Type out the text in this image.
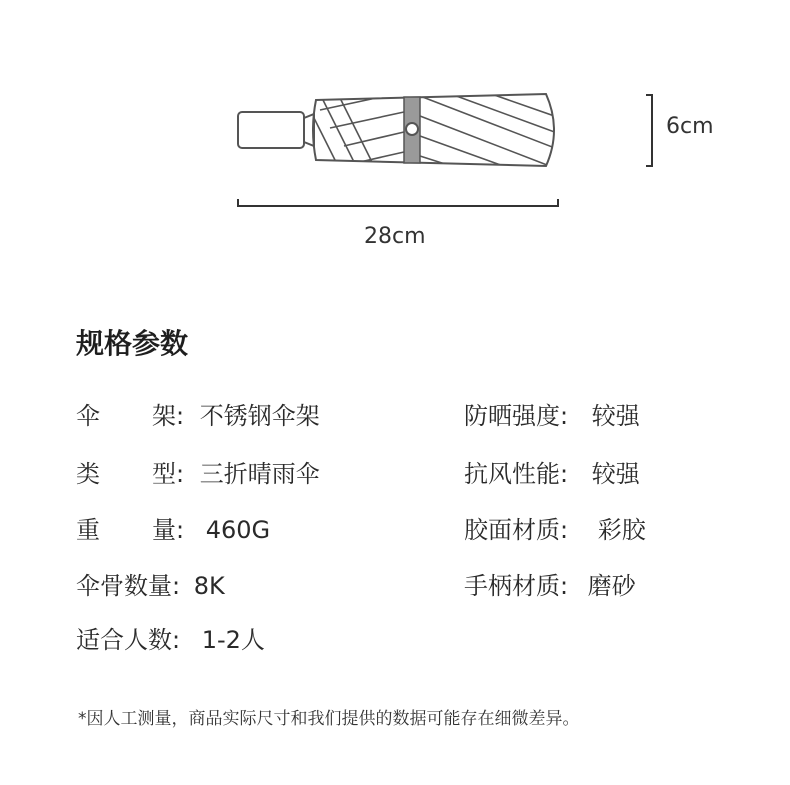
6cm
28cm
规格参数
伞架: 不锈钢伞架
类型: 三折晴雨伞
重量: 460G
伞骨数量: 8K
适合人数: 1-2人
防晒强度: 较强
抗风性能: 较强
胶面材质: 彩胶
手柄材质: 磨砂
*因人工测量，商品实际尺寸和我们提供的数据可能存在细微差异。
